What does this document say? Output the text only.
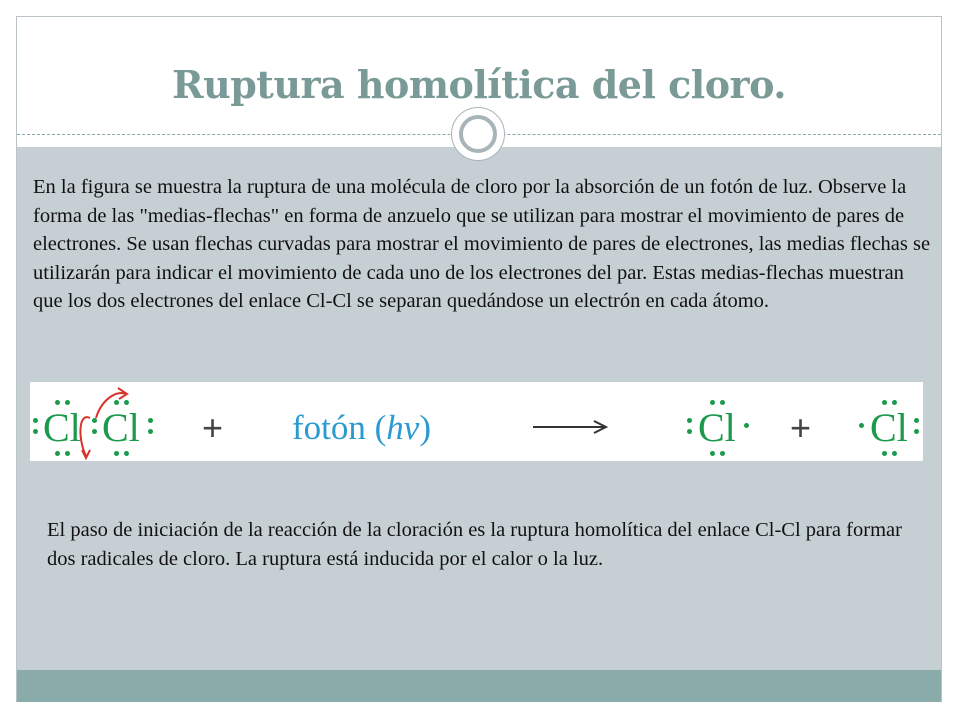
Ruptura homolítica del cloro.

En la figura se muestra la ruptura de una molécula de cloro por la absorción de un fotón de luz. Observe la forma de las "medias-flechas" en forma de anzuelo que se utilizan para mostrar el movimiento de pares de electrones. Se usan flechas curvadas para mostrar el movimiento de pares de electrones, las medias flechas se utilizarán para indicar el movimiento de cada uno de los electrones del par. Estas medias-flechas muestran que los dos electrones del enlace Cl-Cl se separan quedándose un electrón en cada átomo.

Cl Cl + fotón (hν)	Cl + Cl

El paso de iniciación de la reacción de la cloración es la ruptura homolítica del enlace Cl-Cl para formar dos radicales de cloro. La ruptura está inducida por el calor o la luz.
